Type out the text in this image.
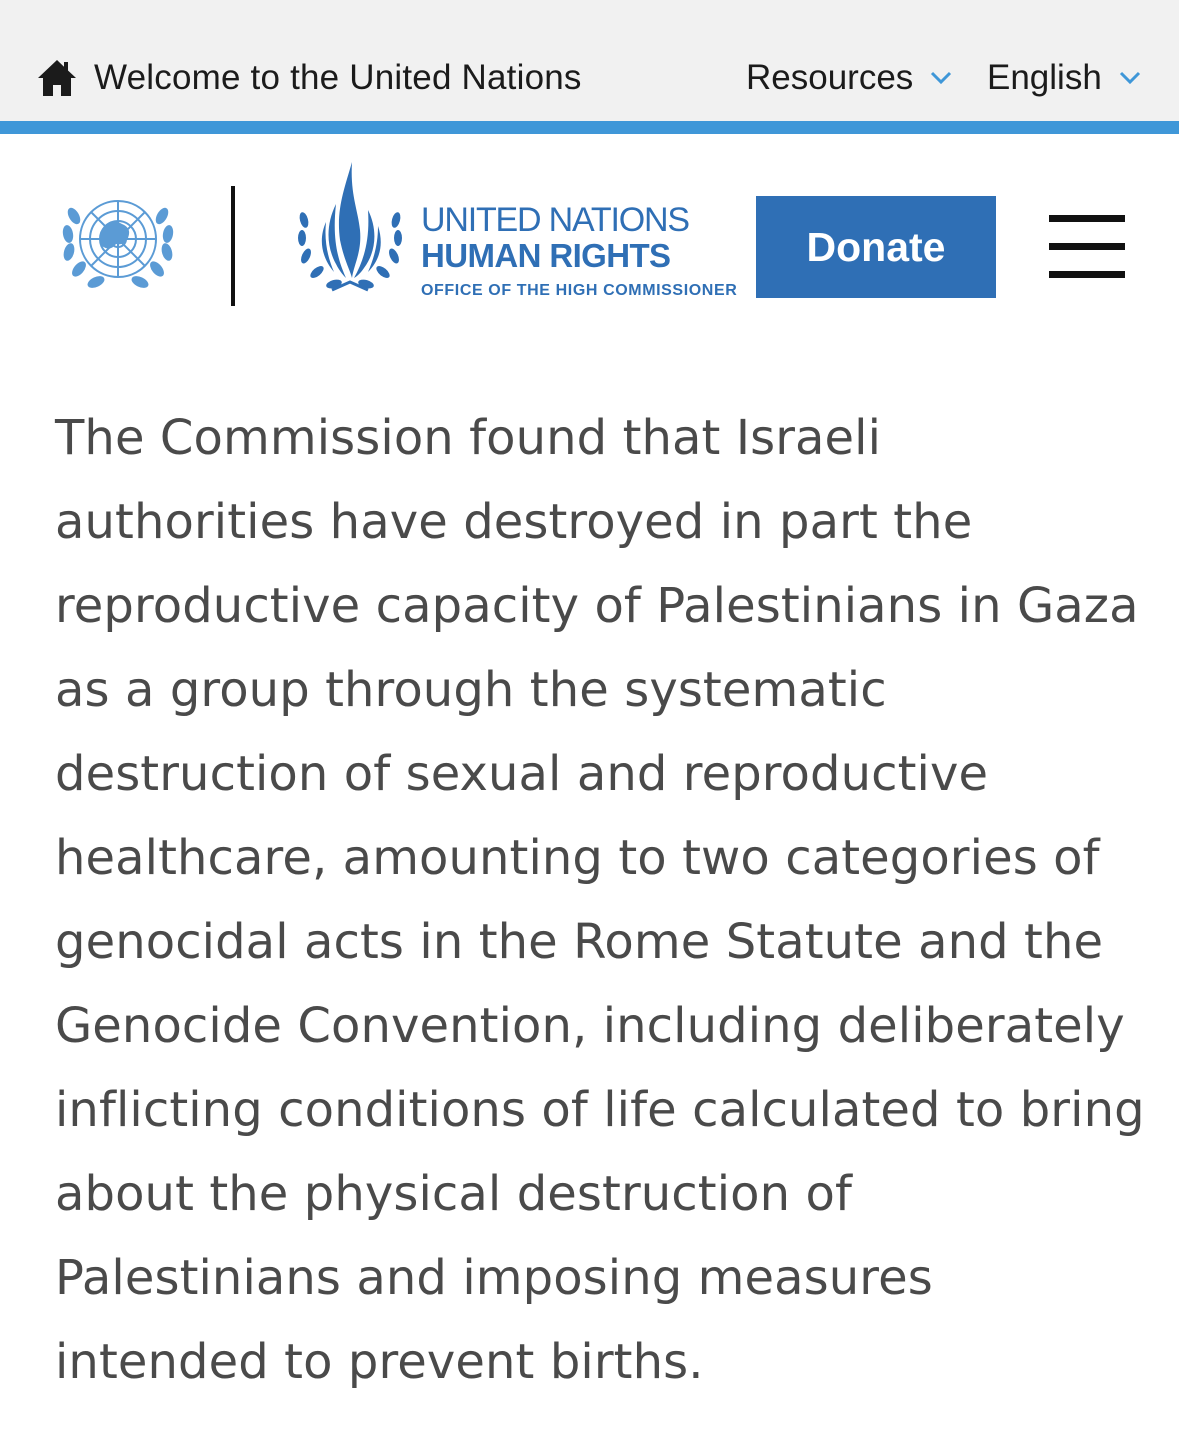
Welcome to the United Nations	Resources English
UNITED NATIONS
HUMAN RIGHTS
OFFICE OF THE HIGH COMMISSIONER
Donate

The Commission found that Israeli authorities have destroyed in part the reproductive capacity of Palestinians in Gaza as a group through the systematic destruction of sexual and reproductive healthcare, amounting to two categories of genocidal acts in the Rome Statute and the Genocide Convention, including deliberately inflicting conditions of life calculated to bring about the physical destruction of Palestinians and imposing measures intended to prevent births.
